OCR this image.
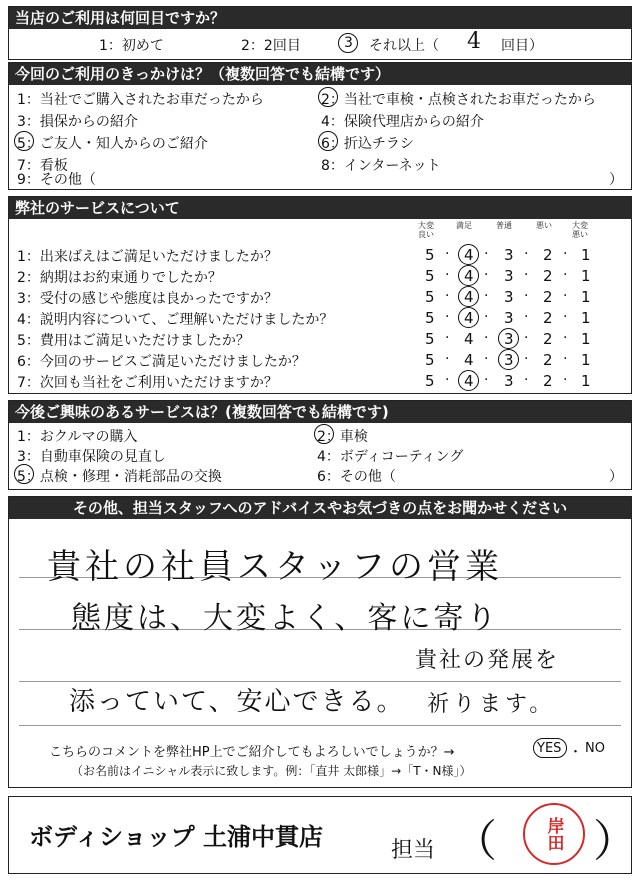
当店のご利用は何回目ですか？
1：初めて	2：2回目	3 それ以上（ 4 回目）
今回のご利用のきっかけは？（複数回答でも結構です）
1：当社でご購入されたお車だったから	2：当社で車検・点検されたお車だったから
3：損保からの紹介	4：保険代理店からの紹介
5：ご友人・知人からのご紹介	6：折込チラシ
7：看板	8：インターネット
9：その他（	）
弊社のサービスについて
大変良い
満足	普通	悪い	大変悪い
1：出来ばえはご満足いただけましたか？	5 · 4 · 3 · 2 · 1
2：納期はお約束通りでしたか？	5 · 4 · 3 · 2 · 1
3：受付の感じや態度は良かったですか？	5 · 4 · 3 · 2 · 1
4：説明内容について、ご理解いただけましたか？	5 · 4 · 3 · 2 · 1
5：費用はご満足いただけましたか？	5 · 4 · 3 · 2 · 1
6：今回のサービスご満足いただけましたか？	5 · 4 · 3 · 2 · 1
7：次回も当社をご利用いただけますか？	5 · 4 · 3 · 2 · 1
今後ご興味のあるサービスは？(複数回答でも結構です)
1：おクルマの購入	2：車検
3：自動車保険の見直し	4：ボディコーティング
5：点検・修理・消耗部品の交換	6：その他（	）
その他、担当スタッフへのアドバイスやお気づきの点をお聞かせください
貴社の社員スタッフの営業
態度は、大変よく、客に寄り
貴社の発展を
添っていて、安心できる。 祈ります。
こちらのコメントを弊社HP上でご紹介してもよろしいでしょうか？→	YES ・ NO
（お名前はイニシャル表示に致します。例：「直井 太郎様」→「T・N様」）
ボディショップ 土浦中貫店	担当 （	岸田 ）
